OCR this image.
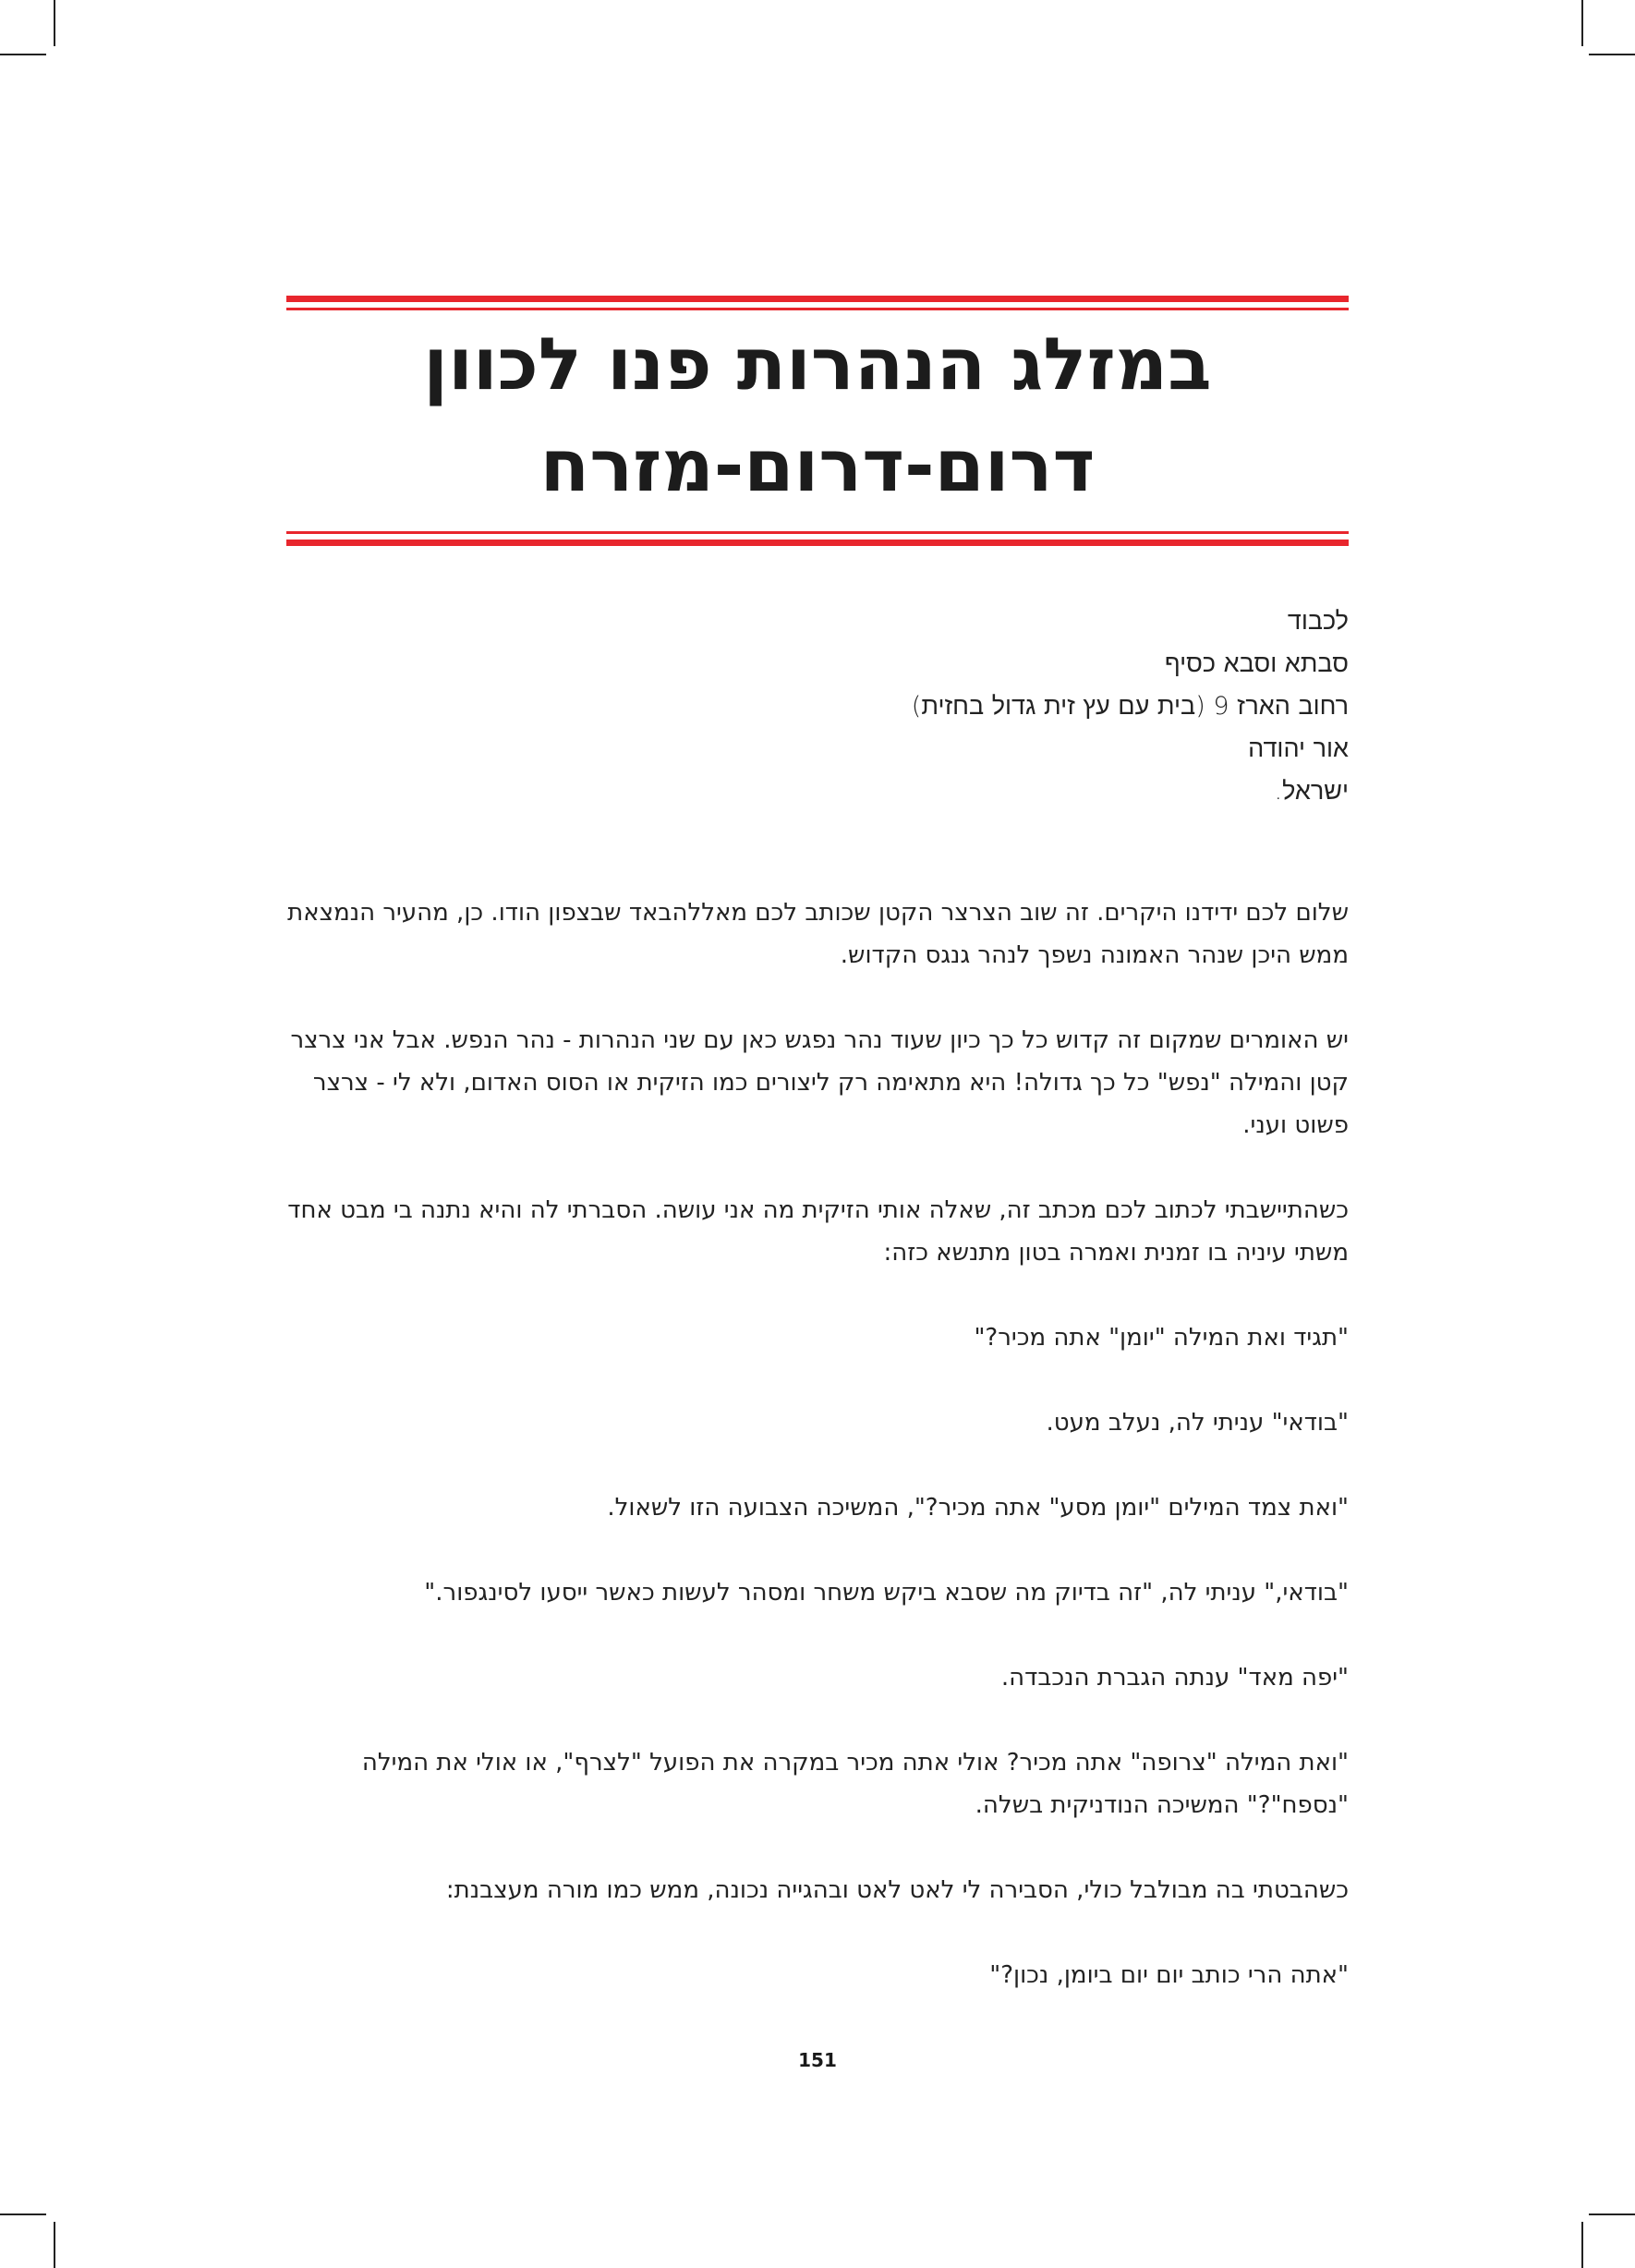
במזלג הנהרות פנו לכוון
דרום-דרום-מזרח
לכבוד
סבתא וסבא כסיף
רחוב הארז 9 (בית עם עץ זית גדול בחזית)
אור יהודה
ישראל.

שלום לכם ידידנו היקרים. זה שוב הצרצר הקטן שכותב לכם מאללהבאד שבצפון הודו. כן, מהעיר הנמצאת ממש היכן שנהר האמונה נשפך לנהר גנגס הקדוש.

יש האומרים שמקום זה קדוש כל כך כיון שעוד נהר נפגש כאן עם שני הנהרות - נהר הנפש. אבל אני צרצר קטן והמילה "נפש" כל כך גדולה! היא מתאימה רק ליצורים כמו הזיקית או הסוס האדום, ולא לי - צרצר פשוט ועני.

כשהתיישבתי לכתוב לכם מכתב זה, שאלה אותי הזיקית מה אני עושה. הסברתי לה והיא נתנה בי מבט אחד משתי עיניה בו זמנית ואמרה בטון מתנשא כזה:

"תגיד ואת המילה "יומן" אתה מכיר?"

"בודאי" עניתי לה, נעלב מעט.

"ואת צמד המילים "יומן מסע" אתה מכיר?", המשיכה הצבועה הזו לשאול.

"בודאי," עניתי לה, "זה בדיוק מה שסבא ביקש משחר ומסהר לעשות כאשר ייסעו לסינגפור."

"יפה מאד" ענתה הגברת הנכבדה.

"ואת המילה "צרופה" אתה מכיר? אולי אתה מכיר במקרה את הפועל "לצרף", או אולי את המילה "נספח"?" המשיכה הנודניקית בשלה.

כשהבטתי בה מבולבל כולי, הסבירה לי לאט לאט ובהגייה נכונה, ממש כמו מורה מעצבנת:

"אתה הרי כותב יום יום ביומן, נכון?"

151
